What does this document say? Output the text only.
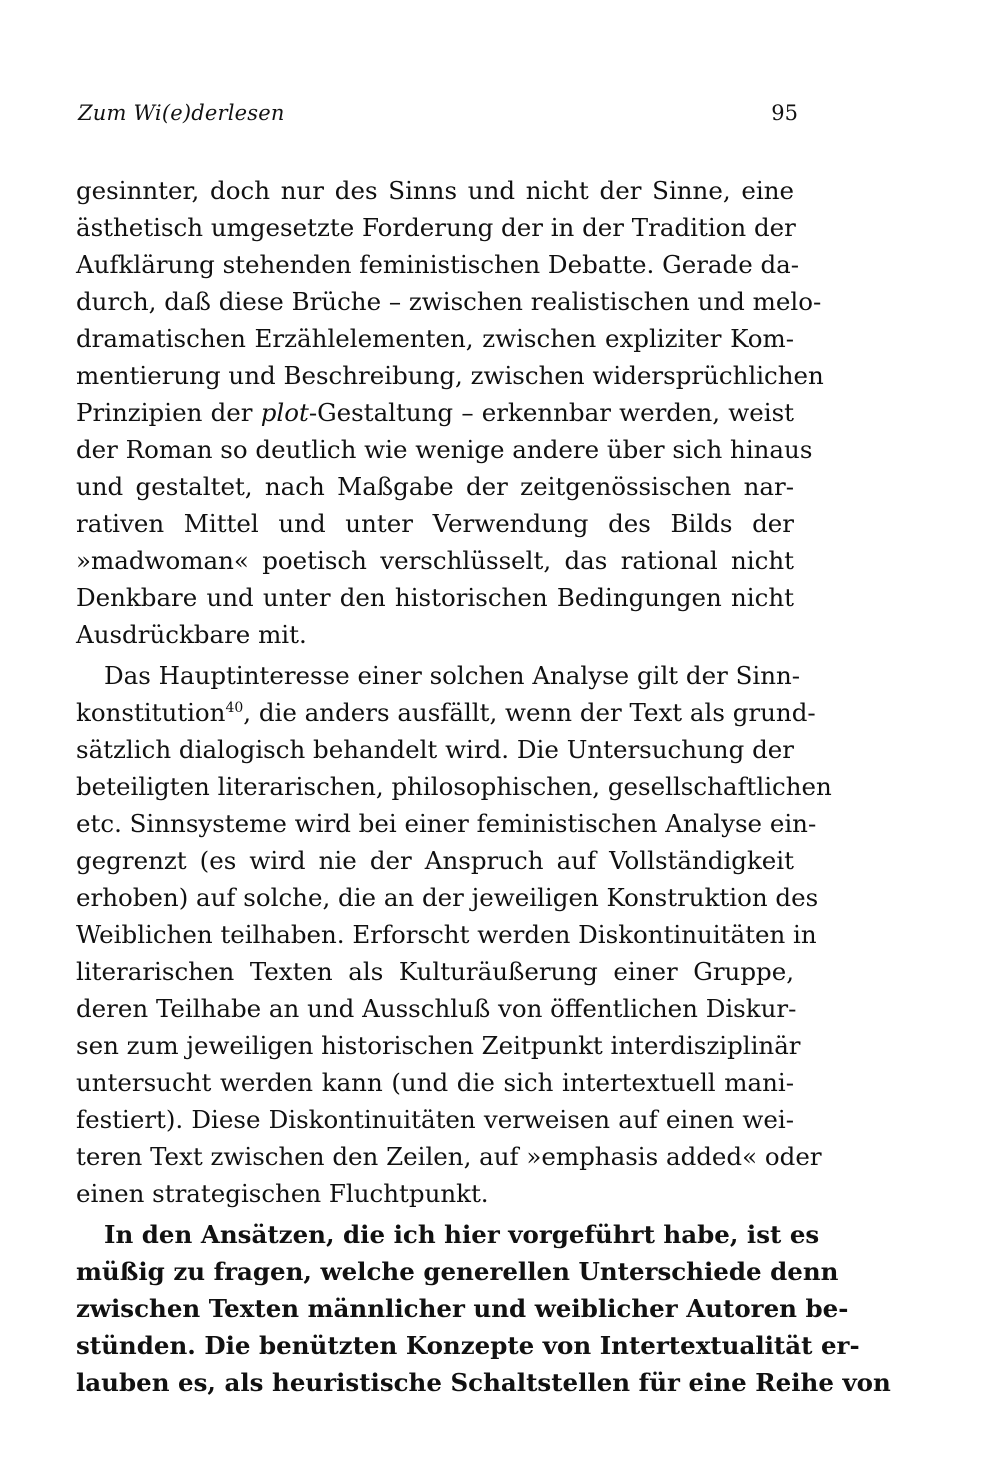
Zum Wi(e)derlesen	95
gesinnter, doch nur des Sinns und nicht der Sinne, eine
ästhetisch umgesetzte Forderung der in der Tradition der
Aufklärung stehenden feministischen Debatte. Gerade da-
durch, daß diese Brüche – zwischen realistischen und melo-
dramatischen Erzählelementen, zwischen expliziter Kom-
mentierung und Beschreibung, zwischen widersprüchlichen
Prinzipien der plot-Gestaltung – erkennbar werden, weist
der Roman so deutlich wie wenige andere über sich hinaus
und gestaltet, nach Maßgabe der zeitgenössischen nar-
rativen Mittel und unter Verwendung des Bilds der
»madwoman« poetisch verschlüsselt, das rational nicht
Denkbare und unter den historischen Bedingungen nicht
Ausdrückbare mit.
Das Hauptinteresse einer solchen Analyse gilt der Sinn-
konstitution$^{40}$, die anders ausfällt, wenn der Text als grund-
sätzlich dialogisch behandelt wird. Die Untersuchung der
beteiligten literarischen, philosophischen, gesellschaftlichen
etc. Sinnsysteme wird bei einer feministischen Analyse ein-
gegrenzt (es wird nie der Anspruch auf Vollständigkeit
erhoben) auf solche, die an der jeweiligen Konstruktion des
Weiblichen teilhaben. Erforscht werden Diskontinuitäten in
literarischen Texten als Kulturäußerung einer Gruppe,
deren Teilhabe an und Ausschluß von öffentlichen Diskur-
sen zum jeweiligen historischen Zeitpunkt interdisziplinär
untersucht werden kann (und die sich intertextuell mani-
festiert). Diese Diskontinuitäten verweisen auf einen wei-
teren Text zwischen den Zeilen, auf »emphasis added« oder
einen strategischen Fluchtpunkt.
In den Ansätzen, die ich hier vorgeführt habe, ist es
müßig zu fragen, welche generellen Unterschiede denn
zwischen Texten männlicher und weiblicher Autoren be-
stünden. Die benützten Konzepte von Intertextualität er-
lauben es, als heuristische Schaltstellen für eine Reihe von
